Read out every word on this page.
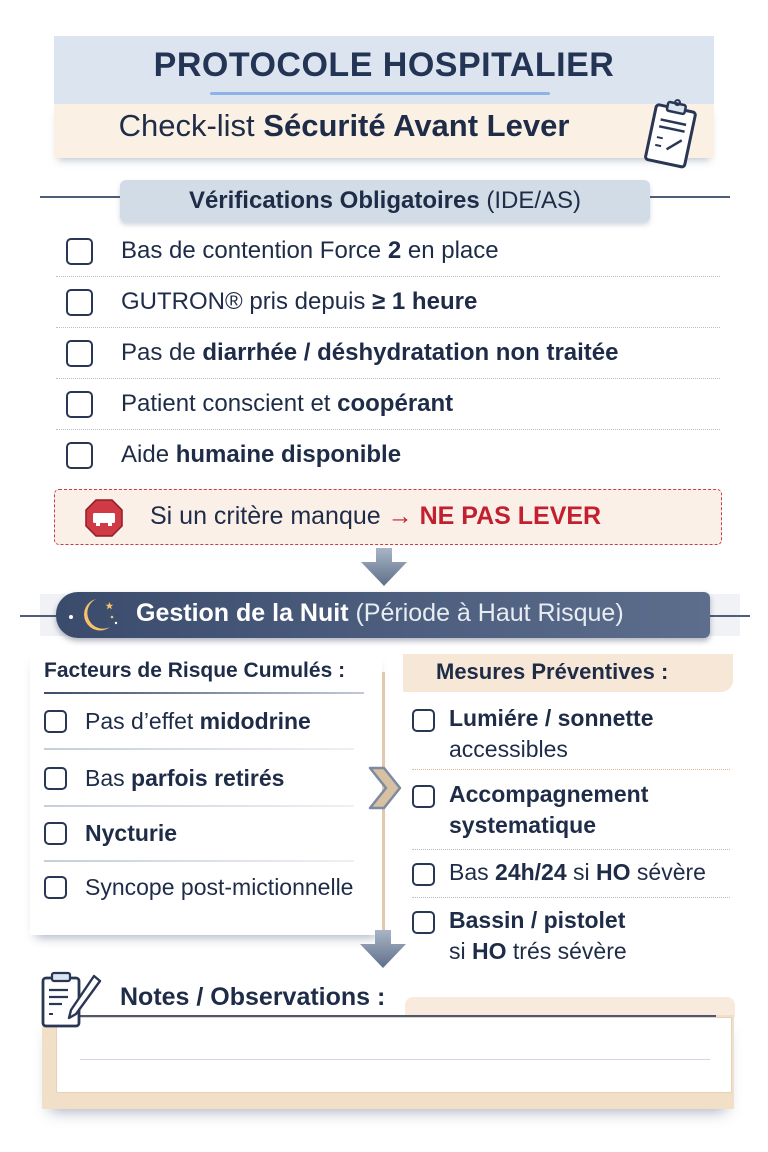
PROTOCOLE HOSPITALIER
Check-list Sécurité Avant Lever
Vérifications Obligatoires (IDE/AS)
Bas de contention Force 2 en place
GUTRON® pris depuis ≥ 1 heure
Pas de diarrhée / déshydratation non traitée
Patient conscient et coopérant
Aide humaine disponible
Si un critère manque → NE PAS LEVER
Gestion de la Nuit (Période à Haut Risque)
Facteurs de Risque Cumulés :
Pas d’effet midodrine
Bas parfois retirés
Nycturie
Syncope post-mictionnelle
Mesures Préventives :
Lumiére / sonnette
accessibles
Accompagnement
systematique
Bas 24h/24 si HO sévère
Bassin / pistolet
si HO trés sévère
Notes / Observations :
